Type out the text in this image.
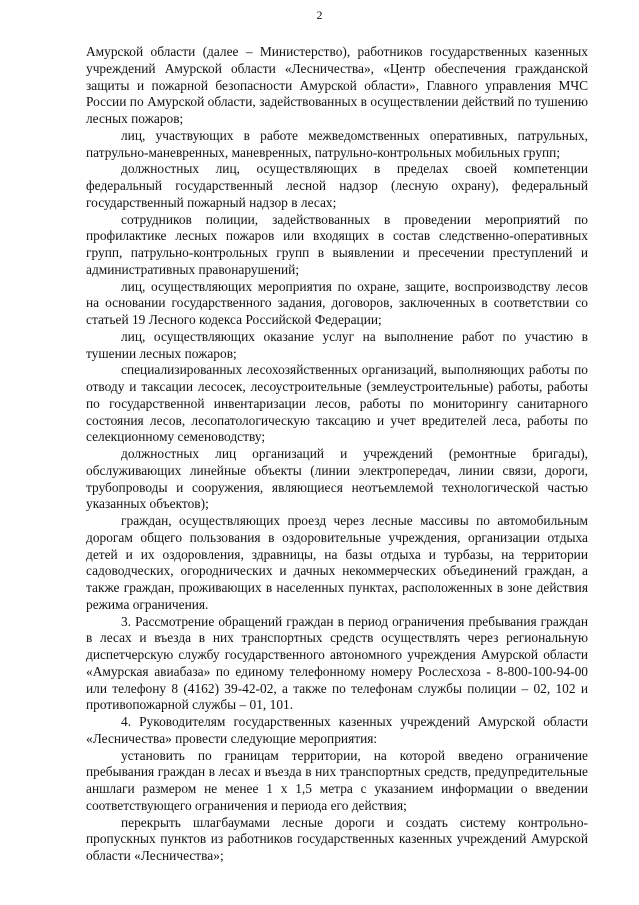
2

Амурской области (далее – Министерство), работников государственных казенных учреждений Амурской области «Лесничества», «Центр обеспечения гражданской защиты и пожарной безопасности Амурской области», Главного управления МЧС России по Амурской области, задействованных в осуществлении действий по тушению лесных пожаров;

лиц, участвующих в работе межведомственных оперативных, патрульных, патрульно-маневренных, маневренных, патрульно-контрольных мобильных групп;

должностных лиц, осуществляющих в пределах своей компетенции федеральный государственный лесной надзор (лесную охрану), федеральный государственный пожарный надзор в лесах;

сотрудников полиции, задействованных в проведении мероприятий по профилактике лесных пожаров или входящих в состав следственно-оперативных групп, патрульно-контрольных групп в выявлении и пресечении преступлений и административных правонарушений;

лиц, осуществляющих мероприятия по охране, защите, воспроизводству лесов на основании государственного задания, договоров, заключенных в соответствии со статьей 19 Лесного кодекса Российской Федерации;

лиц, осуществляющих оказание услуг на выполнение работ по участию в тушении лесных пожаров;

специализированных лесохозяйственных организаций, выполняющих работы по отводу и таксации лесосек, лесоустроительные (землеустроительные) работы, работы по государственной инвентаризации лесов, работы по мониторингу санитарного состояния лесов, лесопатологическую таксацию и учет вредителей леса, работы по селекционному семеноводству;

должностных лиц организаций и учреждений (ремонтные бригады), обслуживающих линейные объекты (линии электропередач, линии связи, дороги, трубопроводы и сооружения, являющиеся неотъемлемой технологической частью указанных объектов);

граждан, осуществляющих проезд через лесные массивы по автомобильным дорогам общего пользования в оздоровительные учреждения, организации отдыха детей и их оздоровления, здравницы, на базы отдыха и турбазы, на территории садоводческих, огороднических и дачных некоммерческих объединений граждан, а также граждан, проживающих в населенных пунктах, расположенных в зоне действия режима ограничения.

3. Рассмотрение обращений граждан в период ограничения пребывания граждан в лесах и въезда в них транспортных средств осуществлять через региональную диспетчерскую службу государственного автономного учреждения Амурской области «Амурская авиабаза» по единому телефонному номеру Рослесхоза - 8-800-100-94-00 или телефону 8 (4162) 39-42-02, а также по телефонам службы полиции – 02, 102 и противопожарной службы – 01, 101.

4. Руководителям государственных казенных учреждений Амурской области «Лесничества» провести следующие мероприятия:

установить по границам территории, на которой введено ограничение пребывания граждан в лесах и въезда в них транспортных средств, предупредительные аншлаги размером не менее 1 х 1,5 метра с указанием информации о введении соответствующего ограничения и периода его действия;

перекрыть шлагбаумами лесные дороги и создать систему контрольно-пропускных пунктов из работников государственных казенных учреждений Амурской области «Лесничества»;
